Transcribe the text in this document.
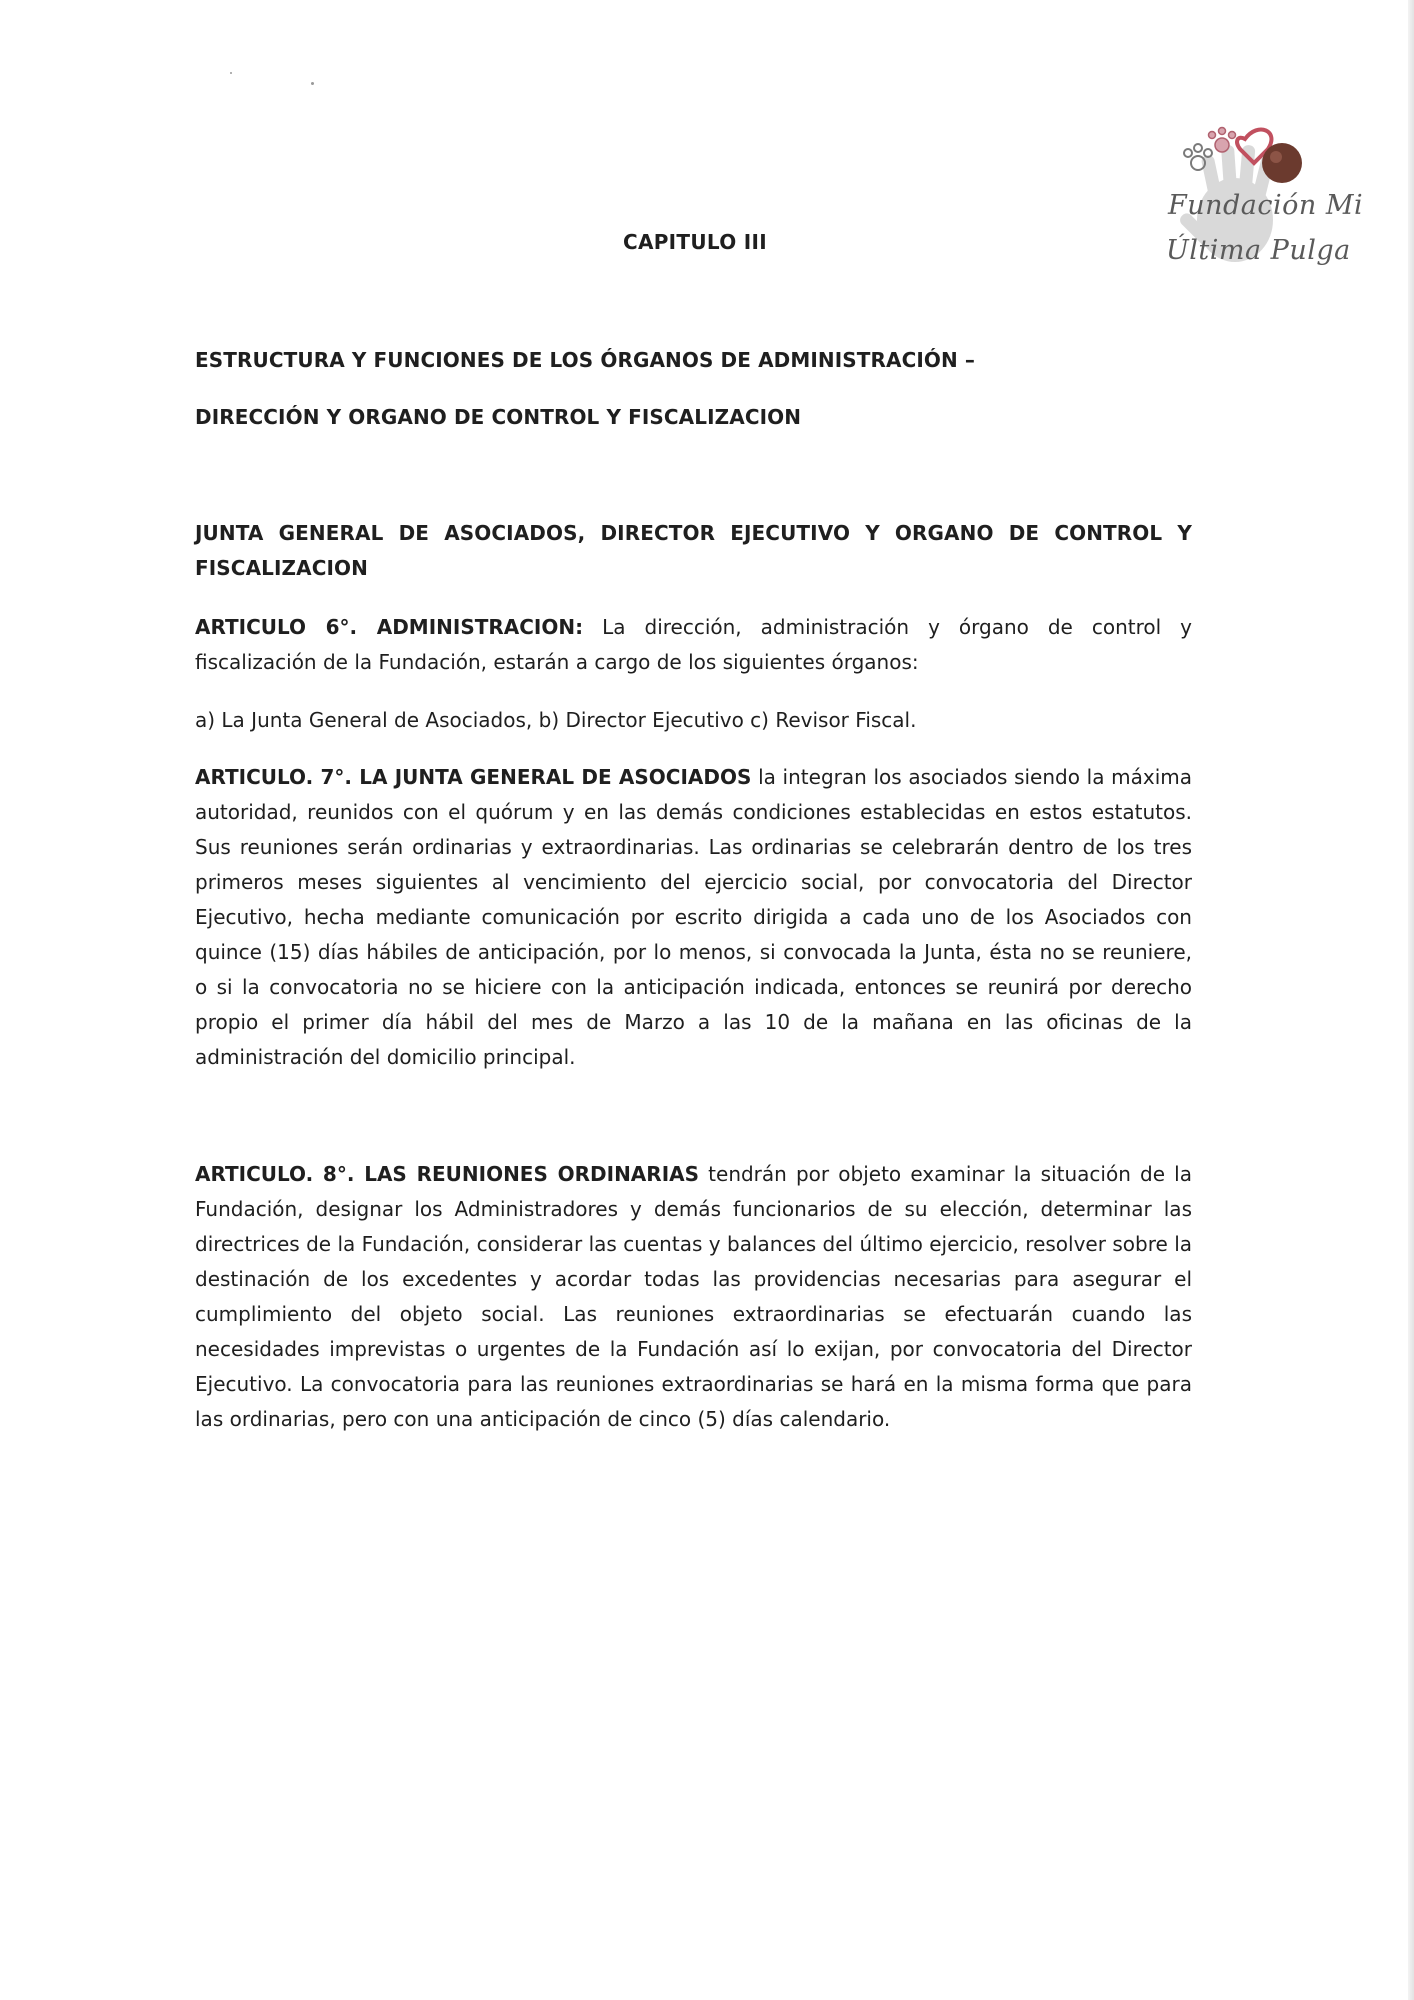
Fundación Mi
Última Pulga
CAPITULO III
ESTRUCTURA Y FUNCIONES DE LOS ÓRGANOS DE ADMINISTRACIÓN –
DIRECCIÓN Y ORGANO DE CONTROL Y FISCALIZACION
JUNTA GENERAL DE ASOCIADOS, DIRECTOR EJECUTIVO Y ORGANO DE CONTROL Y
FISCALIZACION
ARTICULO 6°. ADMINISTRACION: La dirección, administración y órgano de control y fiscalización de la Fundación, estarán a cargo de los siguientes órganos:
a) La Junta General de Asociados, b) Director Ejecutivo c) Revisor Fiscal.
ARTICULO. 7°. LA JUNTA GENERAL DE ASOCIADOS la integran los asociados siendo la máxima autoridad, reunidos con el quórum y en las demás condiciones establecidas en estos estatutos. Sus reuniones serán ordinarias y extraordinarias. Las ordinarias se celebrarán dentro de los tres primeros meses siguientes al vencimiento del ejercicio social, por convocatoria del Director Ejecutivo, hecha mediante comunicación por escrito dirigida a cada uno de los Asociados con quince (15) días hábiles de anticipación, por lo menos, si convocada la Junta, ésta no se reuniere, o si la convocatoria no se hiciere con la anticipación indicada, entonces se reunirá por derecho propio el primer día hábil del mes de Marzo a las 10 de la mañana en las oficinas de la administración del domicilio principal.
ARTICULO. 8°. LAS REUNIONES ORDINARIAS tendrán por objeto examinar la situación de la Fundación, designar los Administradores y demás funcionarios de su elección, determinar las directrices de la Fundación, considerar las cuentas y balances del último ejercicio, resolver sobre la destinación de los excedentes y acordar todas las providencias necesarias para asegurar el cumplimiento del objeto social. Las reuniones extraordinarias se efectuarán cuando las necesidades imprevistas o urgentes de la Fundación así lo exijan, por convocatoria del Director Ejecutivo. La convocatoria para las reuniones extraordinarias se hará en la misma forma que para las ordinarias, pero con una anticipación de cinco (5) días calendario.
